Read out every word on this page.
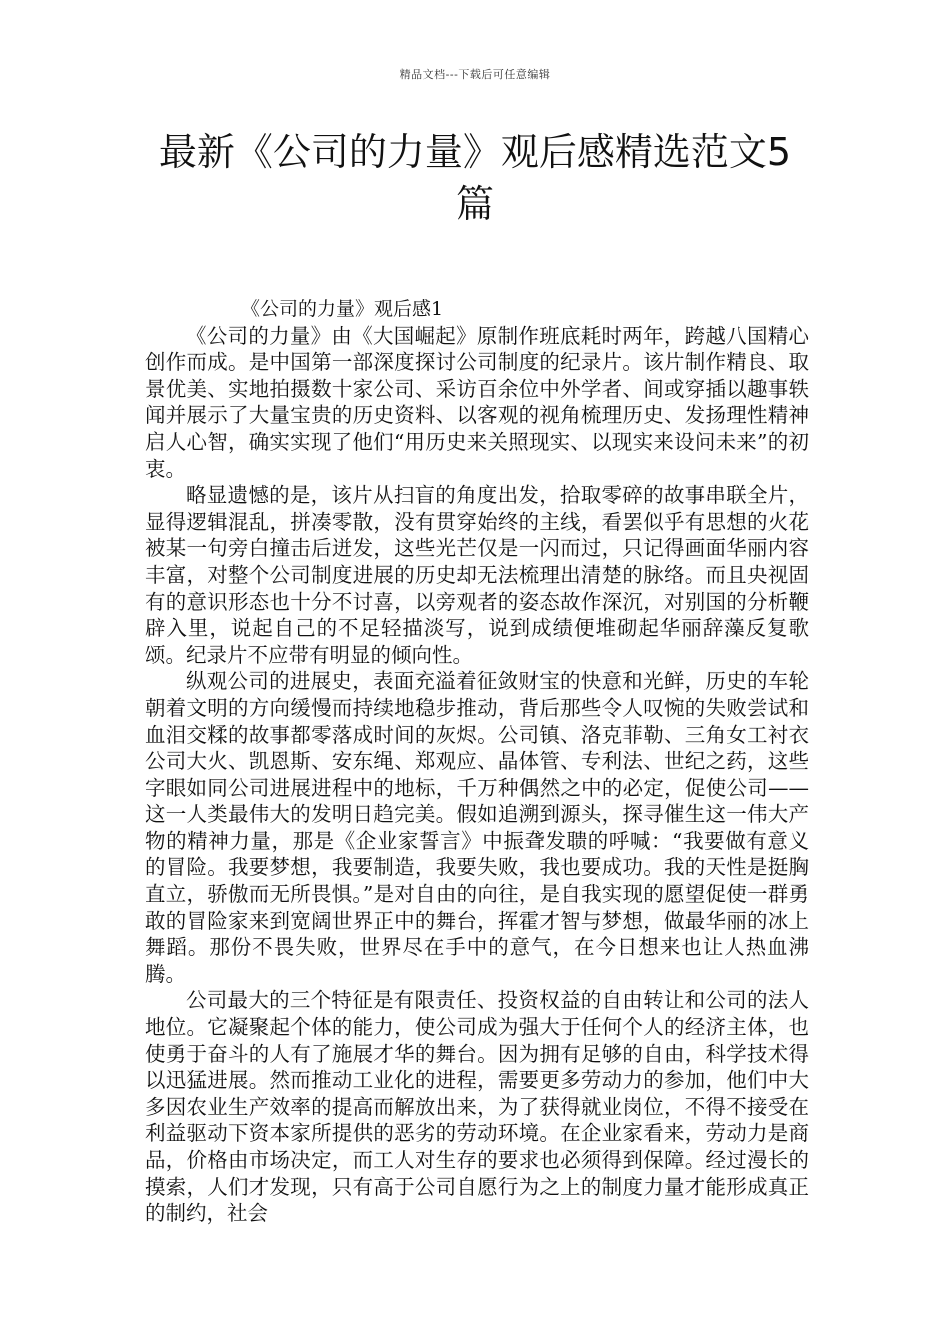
精品文档---下载后可任意编辑
最新《公司的力量》观后感精选范文5篇

《公司的力量》观后感1

《公司的力量》由《大国崛起》原制作班底耗时两年，跨越八国精心创作而成。是中国第一部深度探讨公司制度的纪录片。该片制作精良、取景优美、实地拍摄数十家公司、采访百余位中外学者、间或穿插以趣事轶闻并展示了大量宝贵的历史资料、以客观的视角梳理历史、发扬理性精神启人心智，确实实现了他们“用历史来关照现实、以现实来设问未来”的初衷。

略显遗憾的是，该片从扫盲的角度出发，拾取零碎的故事串联全片，显得逻辑混乱，拼凑零散，没有贯穿始终的主线，看罢似乎有思想的火花被某一句旁白撞击后迸发，这些光芒仅是一闪而过，只记得画面华丽内容丰富，对整个公司制度进展的历史却无法梳理出清楚的脉络。而且央视固有的意识形态也十分不讨喜，以旁观者的姿态故作深沉，对别国的分析鞭辟入里，说起自己的不足轻描淡写，说到成绩便堆砌起华丽辞藻反复歌颂。纪录片不应带有明显的倾向性。

纵观公司的进展史，表面充溢着征敛财宝的快意和光鲜，历史的车轮朝着文明的方向缓慢而持续地稳步推动，背后那些令人叹惋的失败尝试和血泪交糅的故事都零落成时间的灰烬。公司镇、洛克菲勒、三角女工衬衣公司大火、凯恩斯、安东绳、郑观应、晶体管、专利法、世纪之药，这些字眼如同公司进展进程中的地标，千万种偶然之中的必定，促使公司——这一人类最伟大的发明日趋完美。假如追溯到源头，探寻催生这一伟大产物的精神力量，那是《企业家誓言》中振聋发聩的呼喊：“我要做有意义的冒险。我要梦想，我要制造，我要失败，我也要成功。我的天性是挺胸直立，骄傲而无所畏惧。”是对自由的向往，是自我实现的愿望促使一群勇敢的冒险家来到宽阔世界正中的舞台，挥霍才智与梦想，做最华丽的冰上舞蹈。那份不畏失败，世界尽在手中的意气，在今日想来也让人热血沸腾。

公司最大的三个特征是有限责任、投资权益的自由转让和公司的法人地位。它凝聚起个体的能力，使公司成为强大于任何个人的经济主体，也使勇于奋斗的人有了施展才华的舞台。因为拥有足够的自由，科学技术得以迅猛进展。然而推动工业化的进程，需要更多劳动力的参加，他们中大多因农业生产效率的提高而解放出来，为了获得就业岗位，不得不接受在利益驱动下资本家所提供的恶劣的劳动环境。在企业家看来，劳动力是商品，价格由市场决定，而工人对生存的要求也必须得到保障。经过漫长的摸索，人们才发现，只有高于公司自愿行为之上的制度力量才能形成真正的制约，社会
